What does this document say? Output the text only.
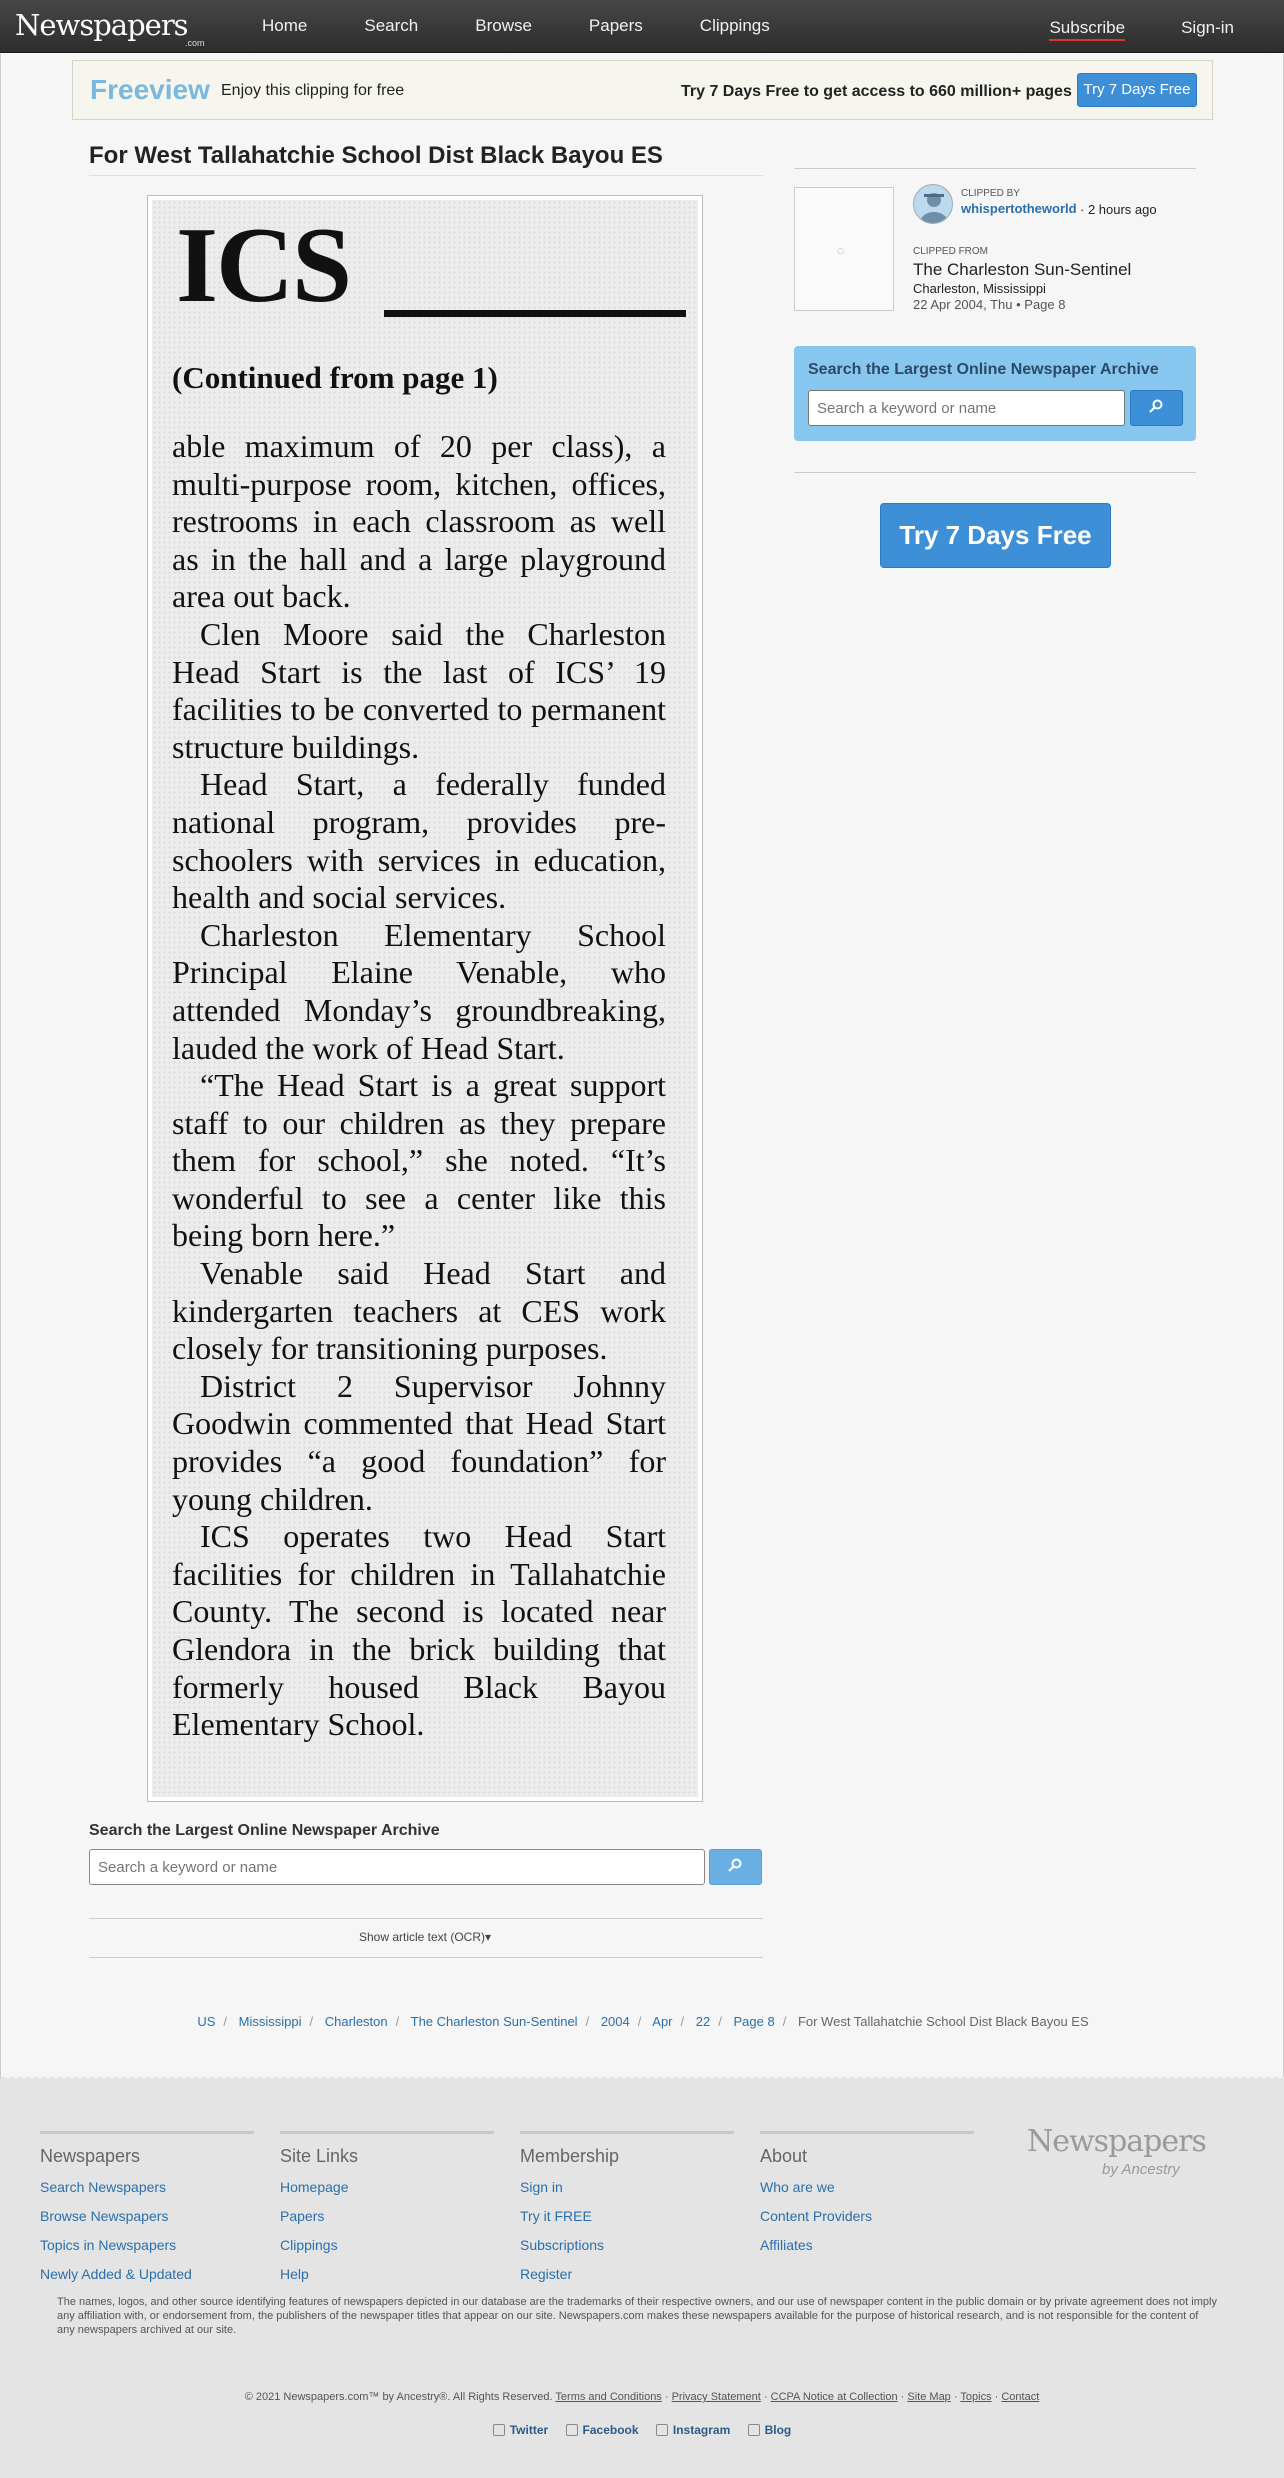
Newspapers
.com
Home	Search	Browse	Papers	Clippings	Subscribe	Sign-in
Freeview Enjoy this clipping for free	Try 7 Days Free to get access to 660 million+ pages Try 7 Days Free
For West Tallahatchie School Dist Black Bayou ES
ICS
(Continued from page 1)

able maximum of 20 per class), a multi-purpose room, kitchen, offices, restrooms in each classroom as well as in the hall and a large playground area out back.

Clen Moore said the Charleston Head Start is the last of ICS’ 19 facilities to be converted to permanent structure buildings.

Head Start, a federally funded national program, provides pre-schoolers with services in education, health and social services.

Charleston Elementary School Principal Elaine Venable, who attended Monday’s groundbreaking, lauded the work of Head Start.

“The Head Start is a great support staff to our children as they prepare them for school,” she noted. “It’s wonderful to see a center like this being born here.”

Venable said Head Start and kindergarten teachers at CES work closely for transitioning purposes.

District 2 Supervisor Johnny Goodwin commented that Head Start provides “a good foundation” for young children.

ICS operates two Head Start facilities for children in Tallahatchie County. The second is located near Glendora in the brick building that formerly housed Black Bayou Elementary School.

Search the Largest Online Newspaper Archive
Search a keyword or name
Show article text (OCR)▾
◌
CLIPPED BY
whispertotheworld · 2 hours ago
CLIPPED FROM
The Charleston Sun-Sentinel
Charleston, Mississippi
22 Apr 2004, Thu • Page 8
Search the Largest Online Newspaper Archive
Search a keyword or name
Try 7 Days Free
US / Mississippi / Charleston / The Charleston Sun-Sentinel / 2004 / Apr / 22 / Page 8 / For West Tallahatchie School Dist Black Bayou ES
Newspapers
Search Newspapers
Browse Newspapers
Topics in Newspapers
Newly Added & Updated
Site Links
Homepage
Papers
Clippings
Help
Membership
Sign in
Try it FREE
Subscriptions
Register
About
Who are we
Content Providers
Affiliates
Newspapers
by Ancestry
The names, logos, and other source identifying features of newspapers depicted in our database are the trademarks of their respective owners, and our use of newspaper content in the public domain or by private agreement does not imply any affiliation with, or endorsement from, the publishers of the newspaper titles that appear on our site. Newspapers.com makes these newspapers available for the purpose of historical research, and is not responsible for the content of any newspapers archived at our site.
© 2021 Newspapers.com™ by Ancestry®. All Rights Reserved. Terms and Conditions · Privacy Statement · CCPA Notice at Collection · Site Map · Topics · Contact
Twitter	Facebook	Instagram	Blog
